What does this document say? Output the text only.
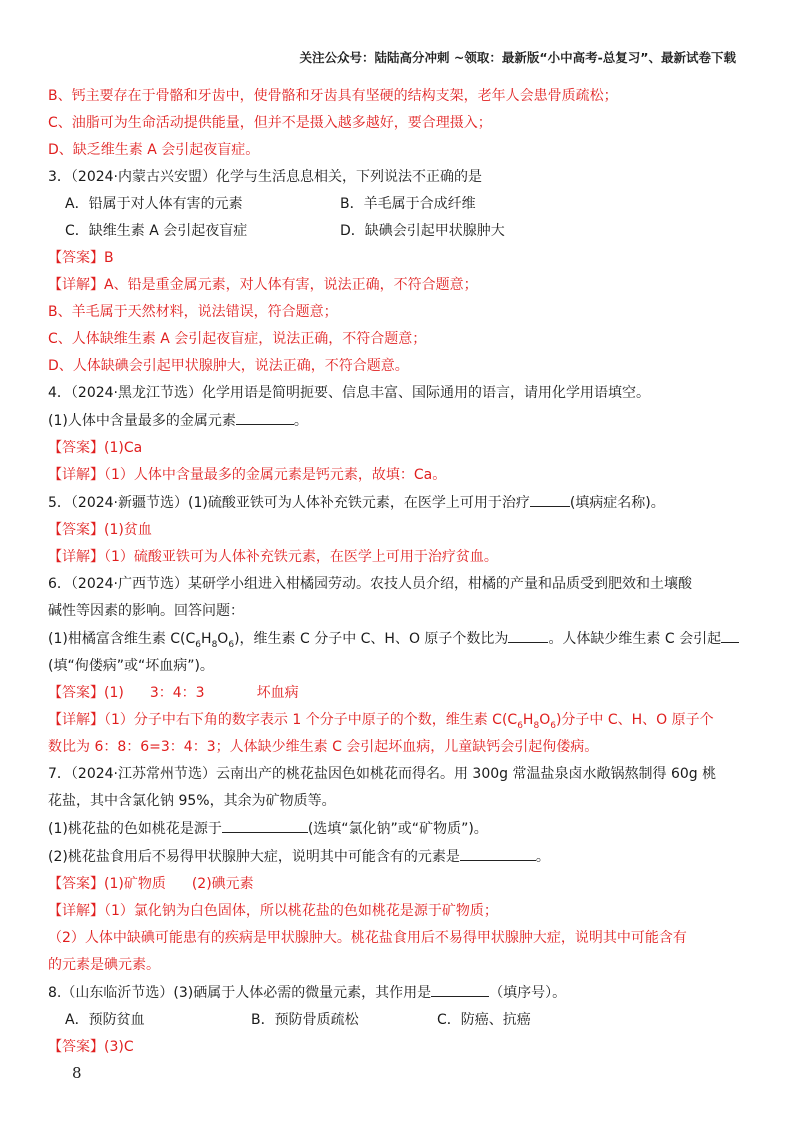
关注公众号：陆陆高分冲刺 ~领取：最新版“小中高考-总复习”、最新试卷下载
B、钙主要存在于骨骼和牙齿中，使骨骼和牙齿具有坚硬的结构支架，老年人会患骨质疏松；
C、油脂可为生命活动提供能量，但并不是摄入越多越好，要合理摄入；
D、缺乏维生素 A 会引起夜盲症。
3．（2024·内蒙古兴安盟）化学与生活息息相关，下列说法不正确的是
A．铅属于对人体有害的元素	B．羊毛属于合成纤维
C．缺维生素 A 会引起夜盲症	D．缺碘会引起甲状腺肿大
【答案】B
【详解】A、铅是重金属元素，对人体有害，说法正确，不符合题意；
B、羊毛属于天然材料，说法错误，符合题意；
C、人体缺维生素 A 会引起夜盲症，说法正确，不符合题意；
D、人体缺碘会引起甲状腺肿大，说法正确，不符合题意。
4．（2024·黑龙江节选）化学用语是简明扼要、信息丰富、国际通用的语言，请用化学用语填空。
(1)人体中含量最多的金属元素	。
【答案】(1)Ca
【详解】（1）人体中含量最多的金属元素是钙元素，故填：Ca。
5．（2024·新疆节选）(1)硫酸亚铁可为人体补充铁元素，在医学上可用于治疗	(填病症名称)。
【答案】(1)贫血
【详解】（1）硫酸亚铁可为人体补充铁元素，在医学上可用于治疗贫血。
6．（2024·广西节选）某研学小组进入柑橘园劳动。农技人员介绍，柑橘的产量和品质受到肥效和土壤酸
碱性等因素的影响。回答问题：
(1)柑橘富含维生素 $C(C_6H_8O_6)$，维生素 C 分子中 C、H、O 原子个数比为	。人体缺少维生素 C 会引起
(填“佝偻病”或“坏血病”)。
【答案】(1) 3：4：3	坏血病
【详解】（1）分子中右下角的数字表示 1 个分子中原子的个数，维生素 $C(C_6H_8O_6)$分子中 C、H、O 原子个
数比为 6：8：6=3：4：3；人体缺少维生素 C 会引起坏血病，儿童缺钙会引起佝偻病。
7．（2024·江苏常州节选）云南出产的桃花盐因色如桃花而得名。用 300g 常温盐泉卤水敞锅熬制得 60g 桃
花盐，其中含氯化钠 95%，其余为矿物质等。
(1)桃花盐的色如桃花是源于	(选填“氯化钠”或“矿物质”)。
(2)桃花盐食用后不易得甲状腺肿大症，说明其中可能含有的元素是	。
【答案】(1)矿物质 (2)碘元素
【详解】（1）氯化钠为白色固体，所以桃花盐的色如桃花是源于矿物质；
（2）人体中缺碘可能患有的疾病是甲状腺肿大。桃花盐食用后不易得甲状腺肿大症，说明其中可能含有
的元素是碘元素。
8.（山东临沂节选）(3)硒属于人体必需的微量元素，其作用是	（填序号）。
A．预防贫血	B．预防骨质疏松	C．防癌、抗癌
【答案】(3)C
8
